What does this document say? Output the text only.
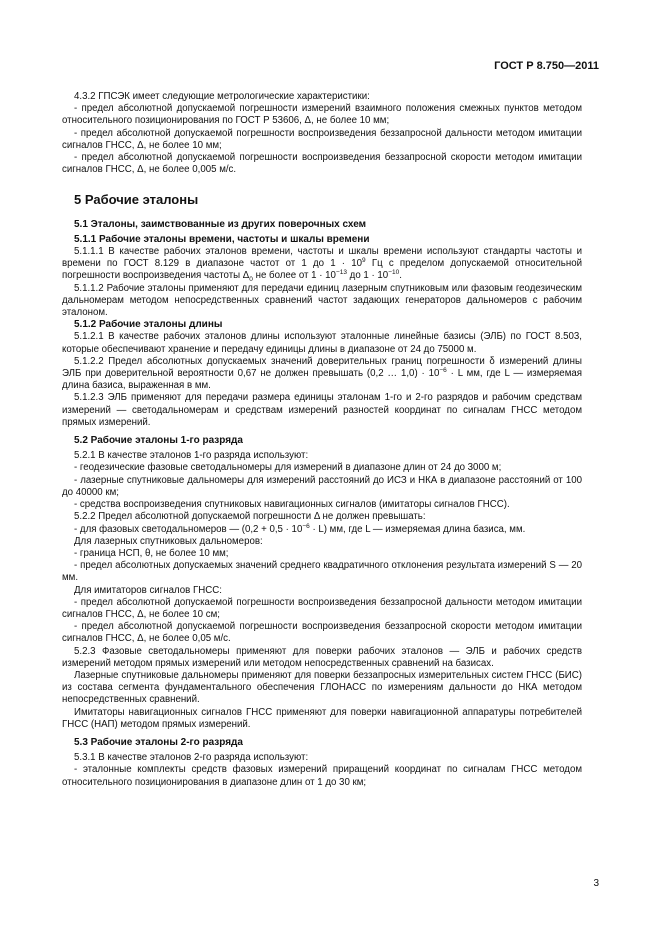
ГОСТ Р 8.750—2011

4.3.2 ГПСЭК имеет следующие метрологические характеристики:

- предел абсолютной допускаемой погрешности измерений взаимного положения смежных пунктов методом относительного позиционирования по ГОСТ Р 53606, Δ, не более 10 мм;

- предел абсолютной допускаемой погрешности воспроизведения беззапросной дальности методом имитации сигналов ГНСС, Δ, не более 10 мм;

- предел абсолютной допускаемой погрешности воспроизведения беззапросной скорости методом имитации сигналов ГНСС, Δ, не более 0,005 м/с.

5 Рабочие эталоны

5.1 Эталоны, заимствованные из других поверочных схем

5.1.1 Рабочие эталоны времени, частоты и шкалы времени

5.1.1.1 В качестве рабочих эталонов времени, частоты и шкалы времени используют стандарты частоты и времени по ГОСТ 8.129 в диапазоне частот от 1 до $1 \cdot 10^9$ Гц с пределом допускаемой относительной погрешности воспроизведения частоты $\Delta_0$ не более от $1 \cdot 10^{-13}$ до $1 \cdot 10^{-10}$.

5.1.1.2 Рабочие эталоны применяют для передачи единиц лазерным спутниковым или фазовым геодезическим дальномерам методом непосредственных сравнений частот задающих генераторов дальномеров с рабочим эталоном.

5.1.2 Рабочие эталоны длины

5.1.2.1 В качестве рабочих эталонов длины используют эталонные линейные базисы (ЭЛБ) по ГОСТ 8.503, которые обеспечивают хранение и передачу единицы длины в диапазоне от 24 до 75000 м.

5.1.2.2 Предел абсолютных допускаемых значений доверительных границ погрешности δ измерений длины ЭЛБ при доверительной вероятности 0,67 не должен превышать (0,2 … $1,0) \cdot 10^{-6} \cdot L$ мм, где L — измеряемая длина базиса, выраженная в мм.

5.1.2.3 ЭЛБ применяют для передачи размера единицы эталонам 1-го и 2-го разрядов и рабочим средствам измерений — светодальномерам и средствам измерений разностей координат по сигналам ГНСС методом прямых измерений.

5.2 Рабочие эталоны 1-го разряда

5.2.1 В качестве эталонов 1-го разряда используют:

- геодезические фазовые светодальномеры для измерений в диапазоне длин от 24 до 3000 м;

- лазерные спутниковые дальномеры для измерений расстояний до ИСЗ и НКА в диапазоне расстояний от 100 до 40000 км;

- средства воспроизведения спутниковых навигационных сигналов (имитаторы сигналов ГНСС).

5.2.2 Предел абсолютной допускаемой погрешности Δ не должен превышать:

- для фазовых светодальномеров — $(0,2 + 0,5 \cdot 10^{-6} \cdot L)$ мм, где L — измеряемая длина базиса, мм.

Для лазерных спутниковых дальномеров:

- граница НСП, θ, не более 10 мм;

- предел абсолютных допускаемых значений среднего квадратичного отклонения результата измерений S — 20 мм.

Для имитаторов сигналов ГНСС:

- предел абсолютной допускаемой погрешности воспроизведения беззапросной дальности методом имитации сигналов ГНСС, Δ, не более 10 см;

- предел абсолютной допускаемой погрешности воспроизведения беззапросной скорости методом имитации сигналов ГНСС, Δ, не более 0,05 м/с.

5.2.3 Фазовые светодальномеры применяют для поверки рабочих эталонов — ЭЛБ и рабочих средств измерений методом прямых измерений или методом непосредственных сравнений на базисах.

Лазерные спутниковые дальномеры применяют для поверки беззапросных измерительных систем ГНСС (БИС) из состава сегмента фундаментального обеспечения ГЛОНАСС по измерениям дальности до НКА методом непосредственных сравнений.

Имитаторы навигационных сигналов ГНСС применяют для поверки навигационной аппаратуры потребителей ГНСС (НАП) методом прямых измерений.

5.3 Рабочие эталоны 2-го разряда

5.3.1 В качестве эталонов 2-го разряда используют:

- эталонные комплекты средств фазовых измерений приращений координат по сигналам ГНСС методом относительного позиционирования в диапазоне длин от 1 до 30 км;

3
